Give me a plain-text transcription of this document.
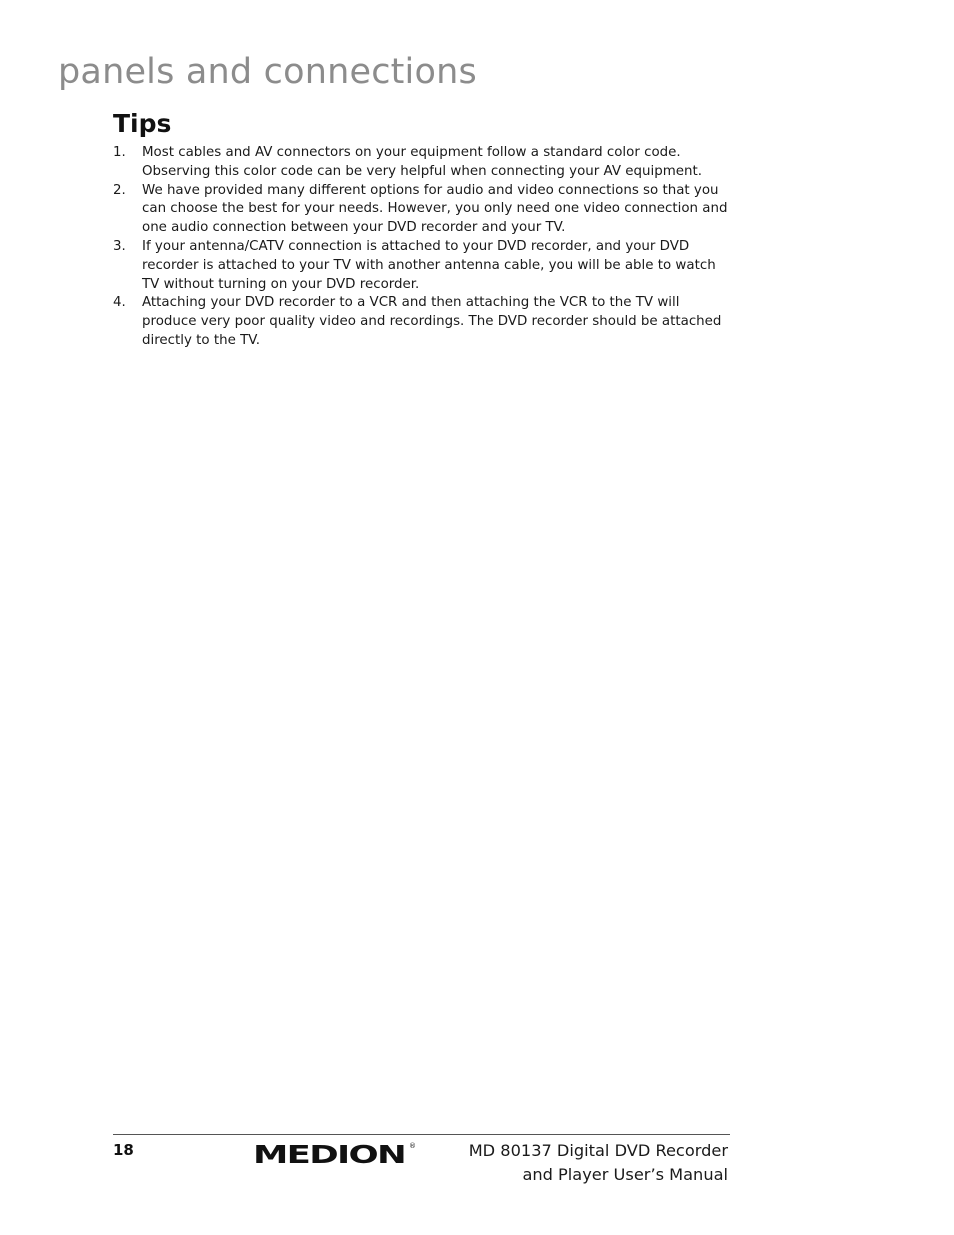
panels and connections
Tips
1.	Most cables and AV connectors on your equipment follow a standard color code. Observing this color code can be very helpful when connecting your AV equipment.
2.	We have provided many different options for audio and video connections so that you can choose the best for your needs. However, you only need one video connection and one audio connection between your DVD recorder and your TV.
3.	If your antenna/CATV connection is attached to your DVD recorder, and your DVD recorder is attached to your TV with another antenna cable, you will be able to watch TV without turning on your DVD recorder.
4.	Attaching your DVD recorder to a VCR and then attaching the VCR to the TV will produce very poor quality video and recordings. The DVD recorder should be attached directly to the TV.
18	MEDION ®	MD 80137 Digital DVD Recorder
and Player User’s Manual
